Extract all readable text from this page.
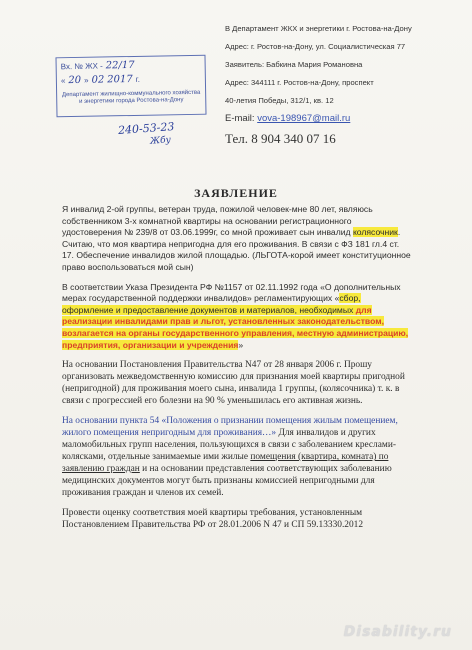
Вх. № ЖХ - 22/17
« 20 » 02 2017 г.
Департамент жилищно-коммунального хозяйства и энергетики города Ростова-на-Дону
240-53-23
Жбу
В Департамент ЖКХ и энергетики г. Ростова-на-Дону
Адрес: г. Ростов-на-Дону, ул. Социалистическая 77
Заявитель: Бабкина Мария Романовна
Адрес: 344111 г. Ростов-на-Дону, проспект
40-летия Победы, 312/1, кв. 12
E-mail: vova-198967@mail.ru
Тел. 8 904 340 07 16
ЗАЯВЛЕНИЕ

Я инвалид 2-ой группы, ветеран труда, пожилой человек-мне 80 лет, являюсь собственником 3-х комнатной квартиры на основании регистрационного удостоверения № 239/8 от 03.06.1999г, со мной проживает сын инвалид колясочник. Считаю, что моя квартира непригодна для его проживания. В связи с ФЗ 181 гл.4 ст. 17. Обеспечение инвалидов жилой площадью. (ЛЬГОТА-корой имеет конституционное право воспользоваться мой сын)

В соответствии Указа Президента РФ №1157 от 02.11.1992 года «О дополнительных мерах государственной поддержки инвалидов» регламентирующих «сбор, оформление и предоставление документов и материалов, необходимых для реализации инвалидами прав и льгот, установленных законодательством, возлагается на органы государственного управления, местную администрацию, предприятия, организации и учреждения»

На основании Постановления Правительства N47 от 28 января 2006 г. Прошу организовать межведомственную комиссию для признания моей квартиры пригодной (непригодной) для проживания моего сына, инвалида 1 группы, (колясочника) т. к. в связи с прогрессией его болезни на 90 % уменьшилась его активная жизнь.

На основании пункта 54 «Положения о признании помещения жилым помещением, жилого помещения непригодным для проживания…» Для инвалидов и других маломобильных групп населения, пользующихся в связи с заболеванием креслами-колясками, отдельные занимаемые ими жилые помещения (квартира, комната) по заявлению граждан и на основании представления соответствующих заболеванию медицинских документов могут быть признаны комиссией непригодными для проживания граждан и членов их семей.

Провести оценку соответствия моей квартиры требования, установленным Постановлением Правительства РФ от 28.01.2006 N 47 и СП 59.13330.2012

Disability.ru
